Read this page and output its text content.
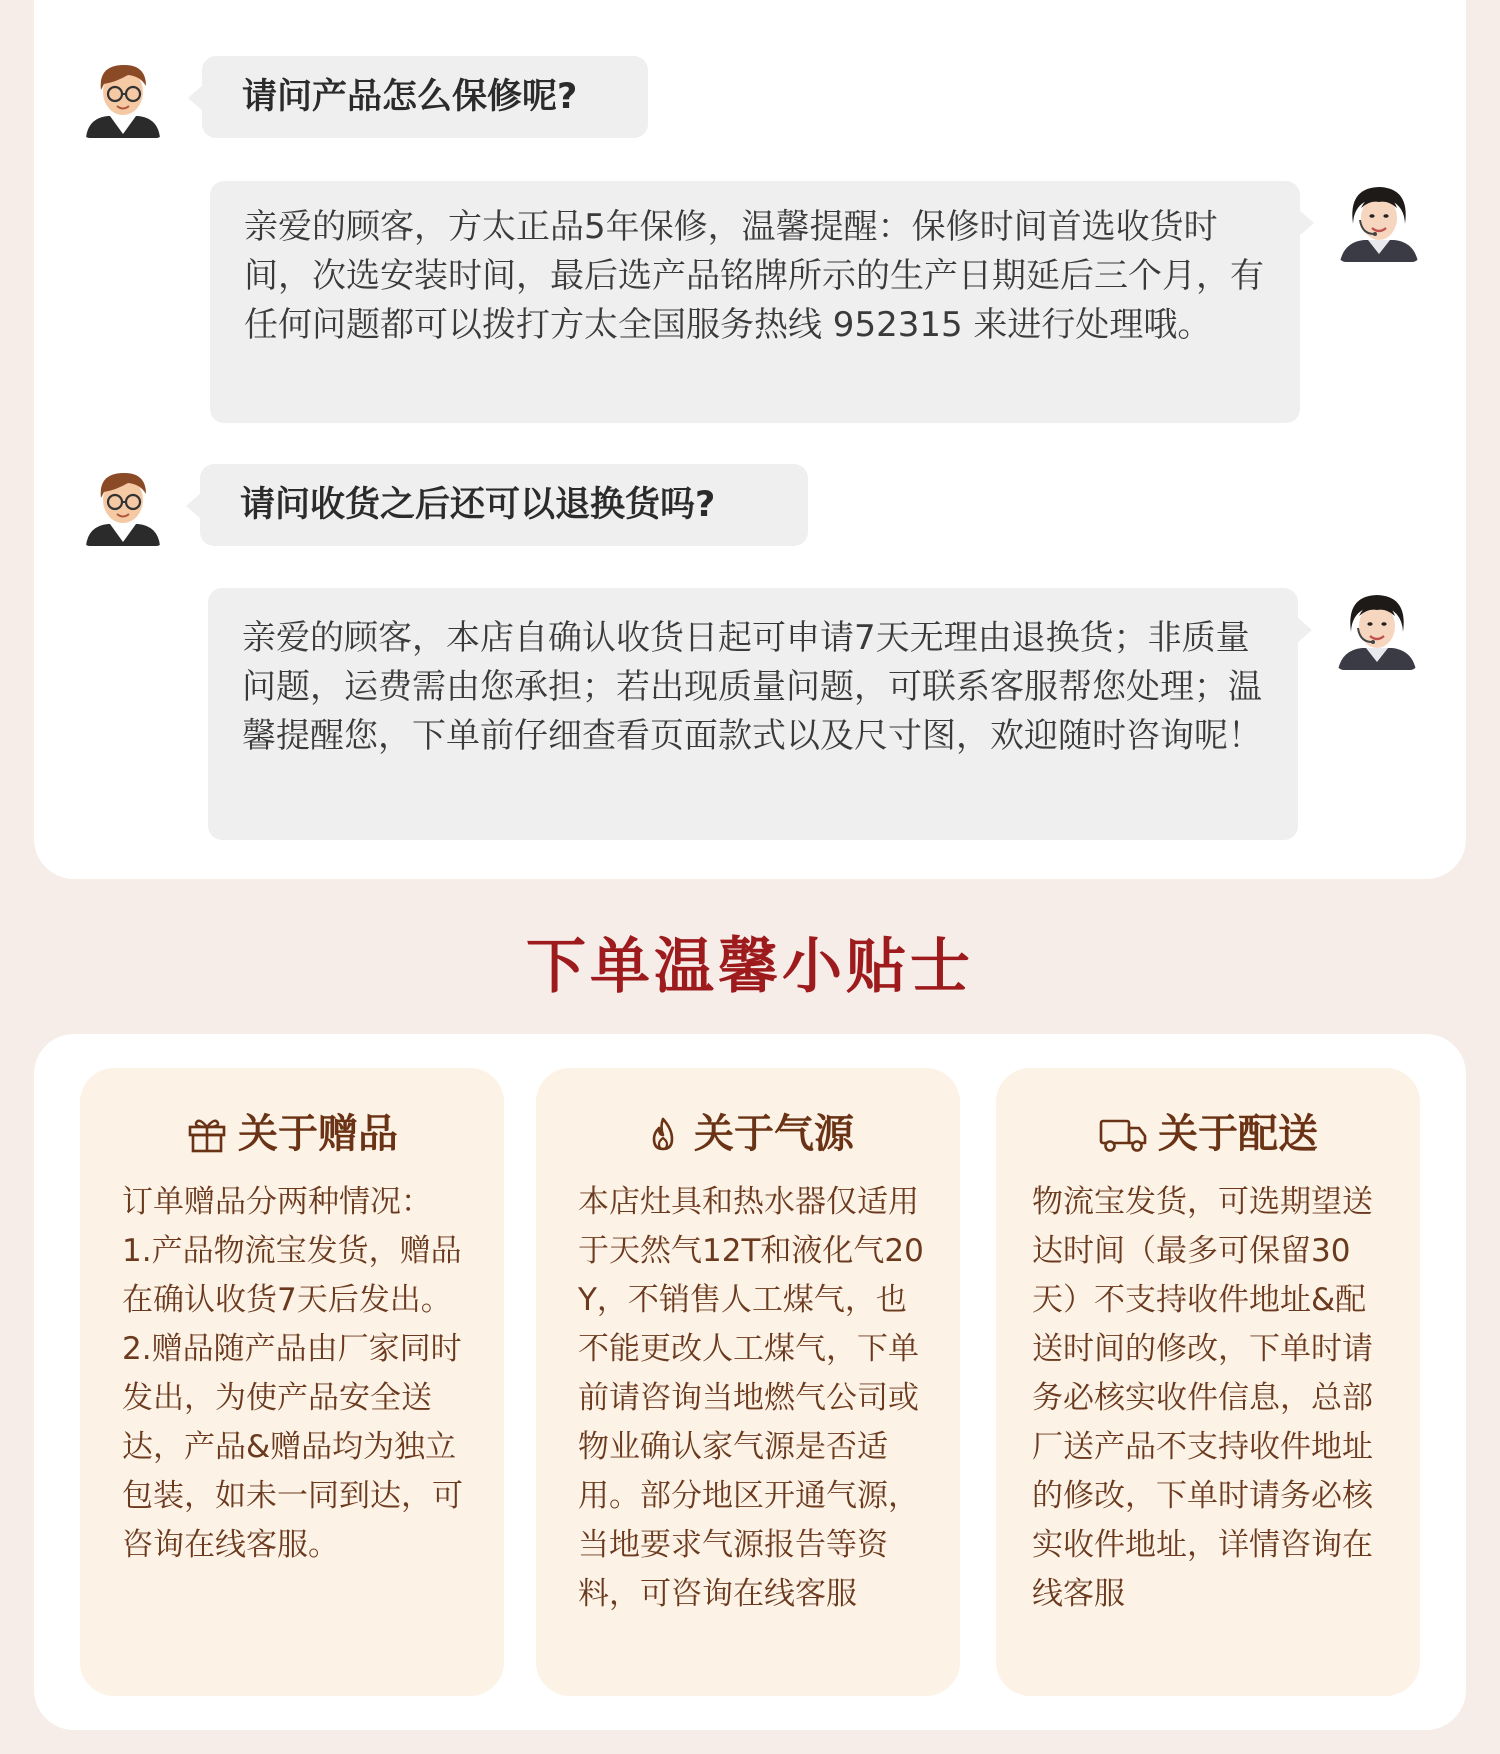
请问产品怎么保修呢?
亲爱的顾客，方太正品5年保修，温馨提醒：保修时间首选收货时间，次选安装时间，最后选产品铭牌所示的生产日期延后三个月，有任何问题都可以拨打方太全国服务热线 952315 来进行处理哦。
请问收货之后还可以退换货吗?
亲爱的顾客，本店自确认收货日起可申请7天无理由退换货；非质量问题，运费需由您承担；若出现质量问题，可联系客服帮您处理；温馨提醒您，下单前仔细查看页面款式以及尺寸图，欢迎随时咨询呢！
下单温馨小贴士
关于赠品

订单赠品分两种情况：

1.产品物流宝发货，赠品在确认收货7天后发出。

2.赠品随产品由厂家同时发出，为使产品安全送达，产品&赠品均为独立包装，如未一同到达，可咨询在线客服。

关于气源

本店灶具和热水器仅适用于天然气12T和液化气20Y，不销售人工煤气，也不能更改人工煤气，下单前请咨询当地燃气公司或物业确认家气源是否适用。部分地区开通气源，当地要求气源报告等资料，可咨询在线客服

关于配送

物流宝发货，可选期望送达时间（最多可保留30天）不支持收件地址&配送时间的修改，下单时请务必核实收件信息，总部厂送产品不支持收件地址的修改，下单时请务必核实收件地址，详情咨询在线客服
